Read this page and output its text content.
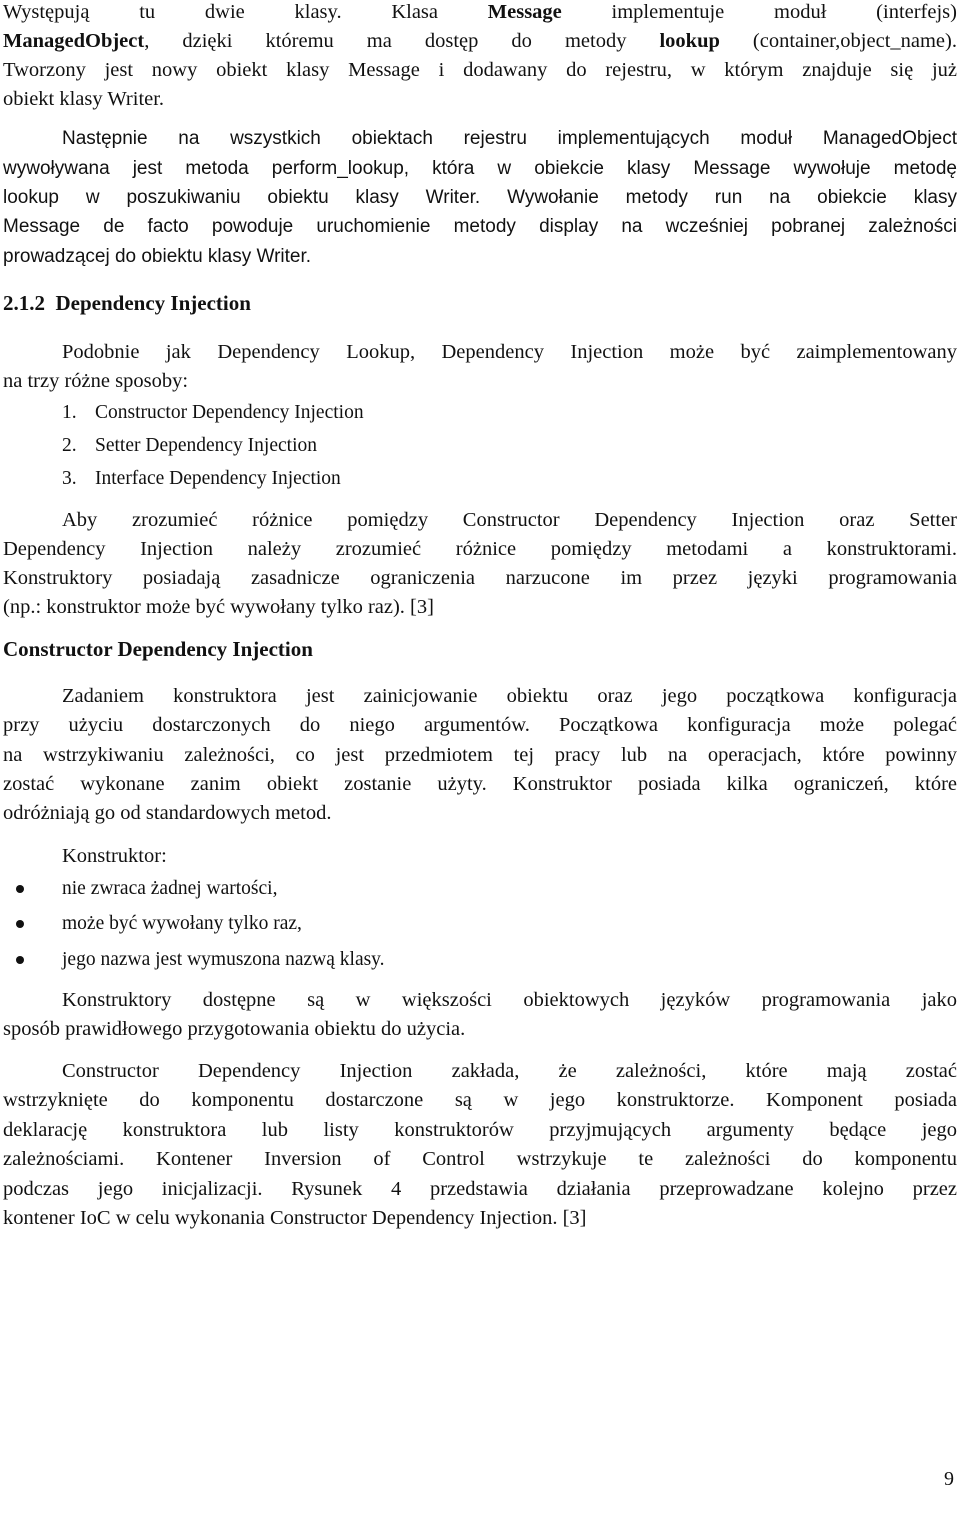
Występują tu dwie klasy. Klasa Message implementuje moduł (interfejs)
ManagedObject, dzięki któremu ma dostęp do metody lookup (container,object_name).
Tworzony jest nowy obiekt klasy Message i dodawany do rejestru, w którym znajduje się już
obiekt klasy Writer.
Następnie na wszystkich obiektach rejestru implementujących moduł ManagedObject
wywoływana jest metoda perform_lookup, która w obiekcie klasy Message wywołuje metodę
lookup w poszukiwaniu obiektu klasy Writer. Wywołanie metody run na obiekcie klasy
Message de facto powoduje uruchomienie metody display na wcześniej pobranej zależności
prowadzącej do obiektu klasy Writer.
2.1.2 Dependency Injection
Podobnie jak Dependency Lookup, Dependency Injection może być zaimplementowany
na trzy różne sposoby:
1. Constructor Dependency Injection
2. Setter Dependency Injection
3. Interface Dependency Injection
Aby zrozumieć różnice pomiędzy Constructor Dependency Injection oraz Setter
Dependency Injection należy zrozumieć różnice pomiędzy metodami a konstruktorami.
Konstruktory posiadają zasadnicze ograniczenia narzucone im przez języki programowania
(np.: konstruktor może być wywołany tylko raz). [3]
Constructor Dependency Injection
Zadaniem konstruktora jest zainicjowanie obiektu oraz jego początkowa konfiguracja
przy użyciu dostarczonych do niego argumentów. Początkowa konfiguracja może polegać
na wstrzykiwaniu zależności, co jest przedmiotem tej pracy lub na operacjach, które powinny
zostać wykonane zanim obiekt zostanie użyty. Konstruktor posiada kilka ograniczeń, które
odróżniają go od standardowych metod.
Konstruktor:
nie zwraca żadnej wartości,
może być wywołany tylko raz,
jego nazwa jest wymuszona nazwą klasy.
Konstruktory dostępne są w większości obiektowych języków programowania jako
sposób prawidłowego przygotowania obiektu do użycia.
Constructor Dependency Injection zakłada, że zależności, które mają zostać
wstrzyknięte do komponentu dostarczone są w jego konstruktorze. Komponent posiada
deklarację konstruktora lub listy konstruktorów przyjmujących argumenty będące jego
zależnościami. Kontener Inversion of Control wstrzykuje te zależności do komponentu
podczas jego inicjalizacji. Rysunek 4 przedstawia działania przeprowadzane kolejno przez
kontener IoC w celu wykonania Constructor Dependency Injection. [3]
9
